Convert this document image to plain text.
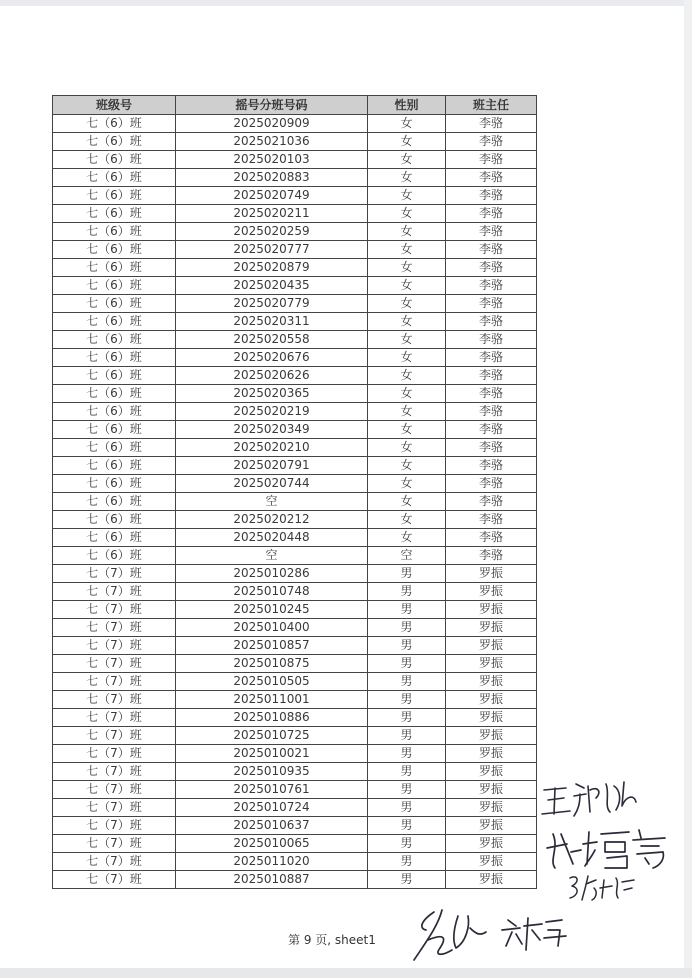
班级号	摇号分班号码	性别	班主任
七（6）班	2025020909	女	李骆
七（6）班	2025021036	女	李骆
七（6）班	2025020103	女	李骆
七（6）班	2025020883	女	李骆
七（6）班	2025020749	女	李骆
七（6）班	2025020211	女	李骆
七（6）班	2025020259	女	李骆
七（6）班	2025020777	女	李骆
七（6）班	2025020879	女	李骆
七（6）班	2025020435	女	李骆
七（6）班	2025020779	女	李骆
七（6）班	2025020311	女	李骆
七（6）班	2025020558	女	李骆
七（6）班	2025020676	女	李骆
七（6）班	2025020626	女	李骆
七（6）班	2025020365	女	李骆
七（6）班	2025020219	女	李骆
七（6）班	2025020349	女	李骆
七（6）班	2025020210	女	李骆
七（6）班	2025020791	女	李骆
七（6）班	2025020744	女	李骆
七（6）班	空	女	李骆
七（6）班	2025020212	女	李骆
七（6）班	2025020448	女	李骆
七（6）班	空	空	李骆
七（7）班	2025010286	男	罗振
七（7）班	2025010748	男	罗振
七（7）班	2025010245	男	罗振
七（7）班	2025010400	男	罗振
七（7）班	2025010857	男	罗振
七（7）班	2025010875	男	罗振
七（7）班	2025010505	男	罗振
七（7）班	2025011001	男	罗振
七（7）班	2025010886	男	罗振
七（7）班	2025010725	男	罗振
七（7）班	2025010021	男	罗振
七（7）班	2025010935	男	罗振
七（7）班	2025010761	男	罗振
七（7）班	2025010724	男	罗振
七（7）班	2025010637	男	罗振
七（7）班	2025010065	男	罗振
七（7）班	2025011020	男	罗振
七（7）班	2025010887	男	罗振
第 9 页, sheet1
